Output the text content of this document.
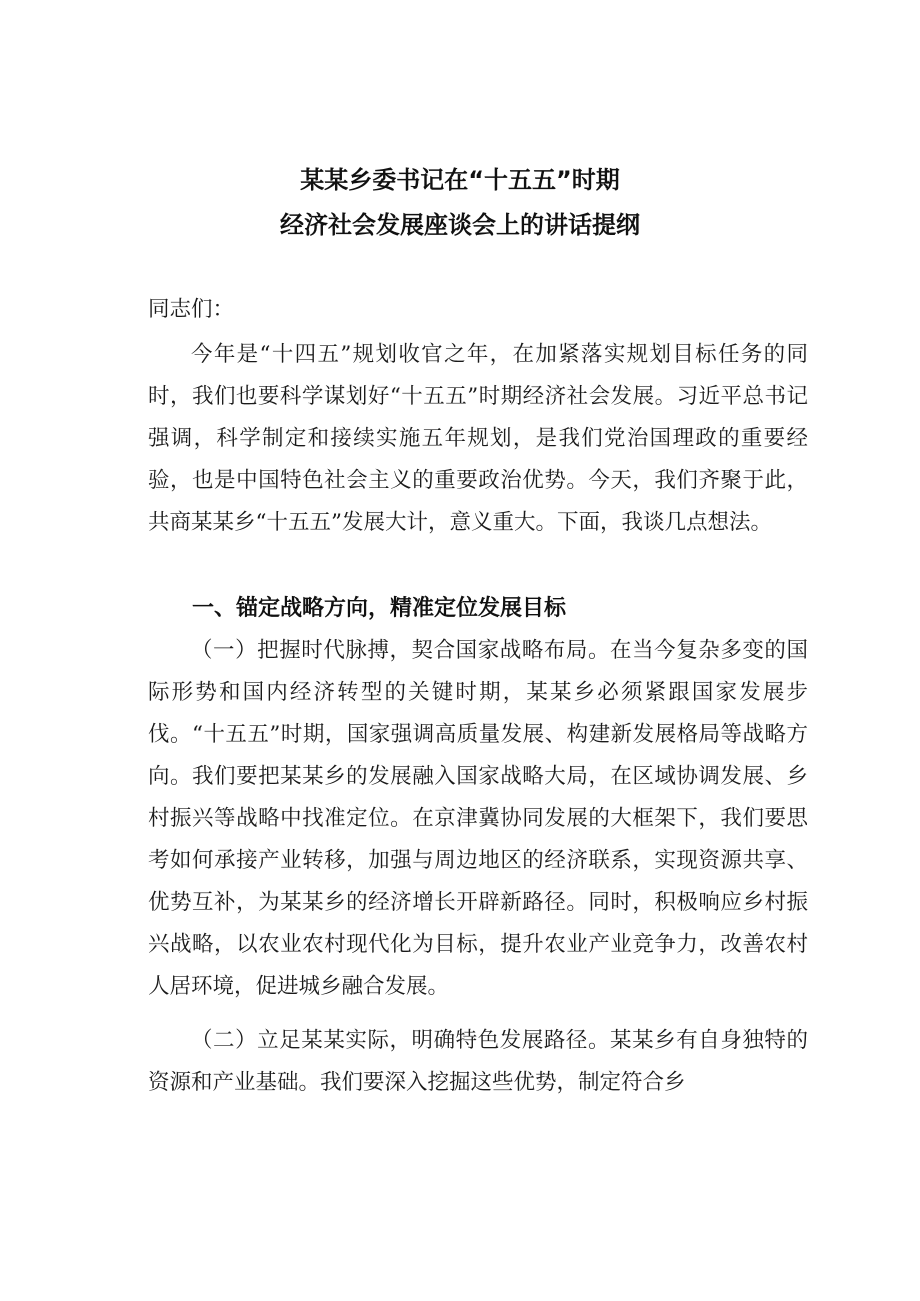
某某乡委书记在“十五五”时期
经济社会发展座谈会上的讲话提纲

同志们：

今年是“十四五”规划收官之年，在加紧落实规划目标任务的同时，我们也要科学谋划好“十五五”时期经济社会发展。习近平总书记强调，科学制定和接续实施五年规划，是我们党治国理政的重要经验，也是中国特色社会主义的重要政治优势。今天，我们齐聚于此，共商某某乡“十五五”发展大计，意义重大。下面，我谈几点想法。

一、锚定战略方向，精准定位发展目标

（一）把握时代脉搏，契合国家战略布局。在当今复杂多变的国际形势和国内经济转型的关键时期，某某乡必须紧跟国家发展步伐。“十五五”时期，国家强调高质量发展、构建新发展格局等战略方向。我们要把某某乡的发展融入国家战略大局，在区域协调发展、乡村振兴等战略中找准定位。在京津冀协同发展的大框架下，我们要思考如何承接产业转移，加强与周边地区的经济联系，实现资源共享、优势互补，为某某乡的经济增长开辟新路径。同时，积极响应乡村振兴战略，以农业农村现代化为目标，提升农业产业竞争力，改善农村人居环境，促进城乡融合发展。

（二）立足某某实际，明确特色发展路径。某某乡有自身独特的资源和产业基础。我们要深入挖掘这些优势，制定符合乡
